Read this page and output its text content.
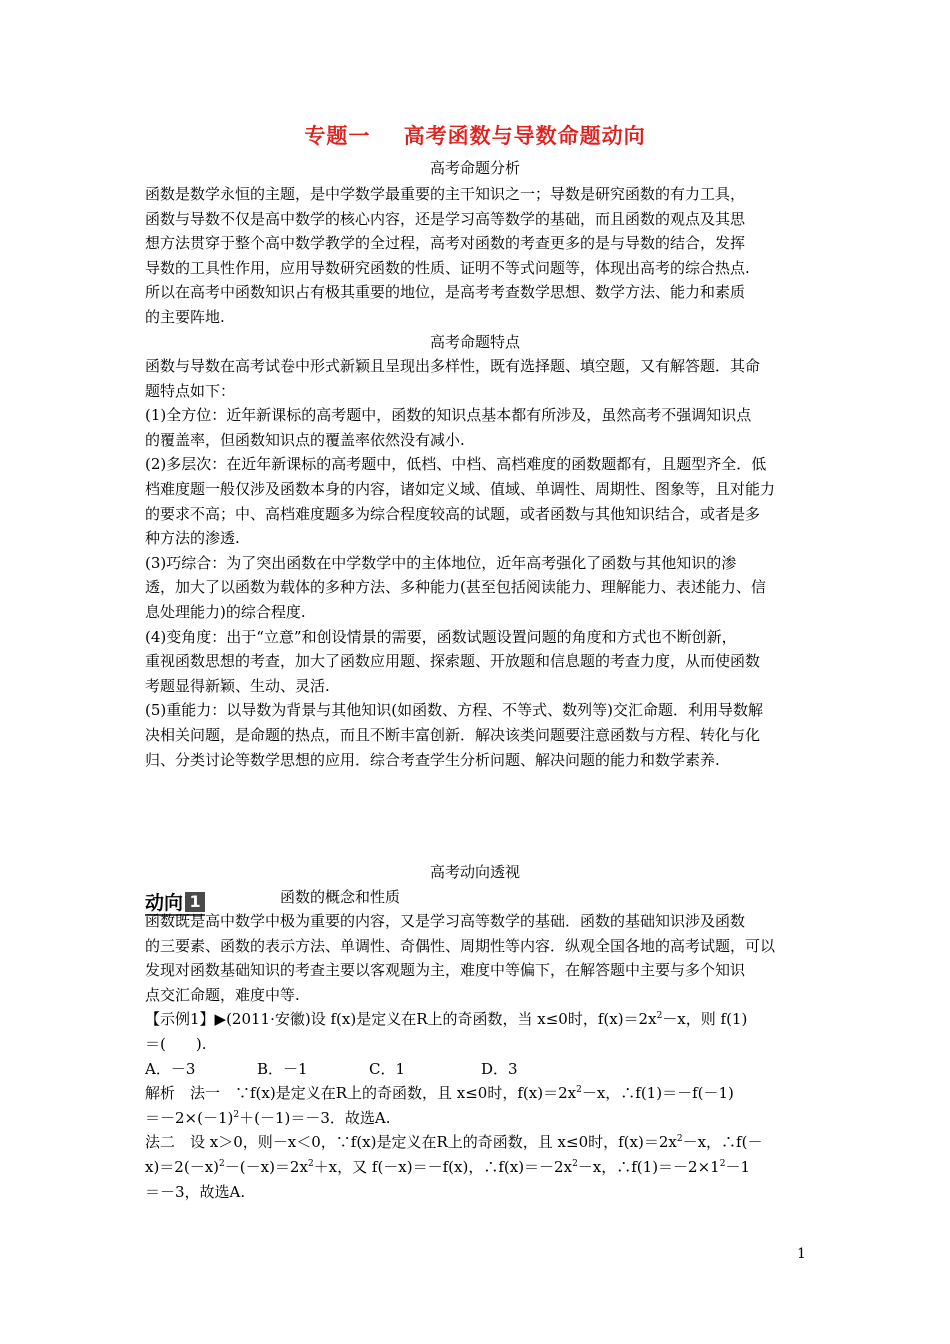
专题一    高考函数与导数命题动向
高考命题分析

函数是数学永恒的主题，是中学数学最重要的主干知识之一；导数是研究函数的有力工具，

函数与导数不仅是高中数学的核心内容，还是学习高等数学的基础，而且函数的观点及其思

想方法贯穿于整个高中数学教学的全过程，高考对函数的考查更多的是与导数的结合，发挥

导数的工具性作用，应用导数研究函数的性质、证明不等式问题等，体现出高考的综合热点.

所以在高考中函数知识占有极其重要的地位，是高考考查数学思想、数学方法、能力和素质

的主要阵地.

高考命题特点

函数与导数在高考试卷中形式新颖且呈现出多样性，既有选择题、填空题，又有解答题．其命

题特点如下：

(1)全方位：近年新课标的高考题中，函数的知识点基本都有所涉及，虽然高考不强调知识点

的覆盖率，但函数知识点的覆盖率依然没有减小.

(2)多层次：在近年新课标的高考题中，低档、中档、高档难度的函数题都有，且题型齐全．低

档难度题一般仅涉及函数本身的内容，诸如定义域、值域、单调性、周期性、图象等，且对能力

的要求不高；中、高档难度题多为综合程度较高的试题，或者函数与其他知识结合，或者是多

种方法的渗透.

(3)巧综合：为了突出函数在中学数学中的主体地位，近年高考强化了函数与其他知识的渗

透，加大了以函数为载体的多种方法、多种能力(甚至包括阅读能力、理解能力、表述能力、信

息处理能力)的综合程度.

(4)变角度：出于“立意”和创设情景的需要，函数试题设置问题的角度和方式也不断创新，

重视函数思想的考查，加大了函数应用题、探索题、开放题和信息题的考查力度，从而使函数

考题显得新颖、生动、灵活.

(5)重能力：以导数为背景与其他知识(如函数、方程、不等式、数列等)交汇命题．利用导数解

决相关问题，是命题的热点，而且不断丰富创新．解决该类问题要注意函数与方程、转化与化

归、分类讨论等数学思想的应用．综合考查学生分析问题、解决问题的能力和数学素养.

高考动向透视
动向 1	函数的概念和性质

函数既是高中数学中极为重要的内容，又是学习高等数学的基础．函数的基础知识涉及函数

的三要素、函数的表示方法、单调性、奇偶性、周期性等内容．纵观全国各地的高考试题，可以

发现对函数基础知识的考查主要以客观题为主，难度中等偏下，在解答题中主要与多个知识

点交汇命题，难度中等.

【示例1】▶(2011·安徽)设 f(x)是定义在R上的奇函数，当 x≤0时，$f(x)=2x^2-x$，则 f(1)

＝(　　).

A．－3	B．－1	C．1	D．3

解析　法一　∵f(x)是定义在R上的奇函数，且 x≤0时，$f(x)=2x^2-x$，∴f(1)＝－f(－1)

$=-2\times(-1)^2+(-1)=-3$．故选A.

法二　设 x＞0，则－x＜0，∵f(x)是定义在R上的奇函数，且 x≤0时，$f(x)=2x^2-x$，∴f(－

$x)=2(-x)^2-(-x)=2x^2+x$，又 f(－x)＝－f(x)，$\therefore f(x)=-2x^2-x$，$\therefore f(1)=-2\times 1^2-1$

＝－3，故选A.

1
